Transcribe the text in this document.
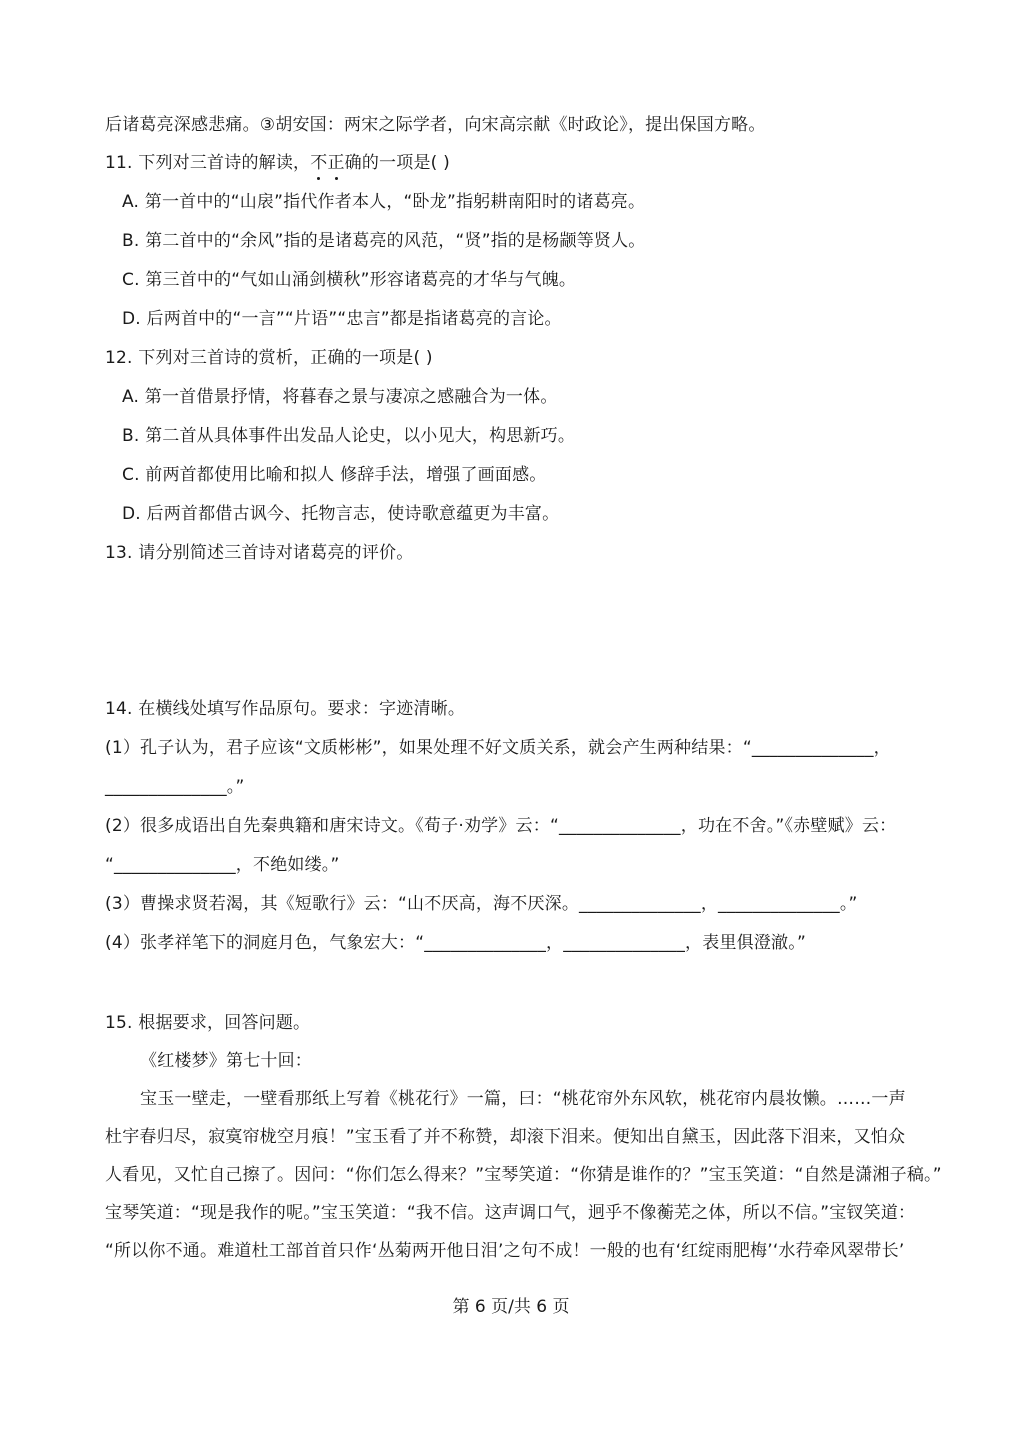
后诸葛亮深感悲痛。③胡安国：两宋之际学者，向宋高宗献《时政论》，提出保国方略。
11. 下列对三首诗的解读，不正确的一项是( )
A. 第一首中的“山扆”指代作者本人，“卧龙”指躬耕南阳时的诸葛亮。
B. 第二首中的“余风”指的是诸葛亮的风范，“贤”指的是杨颛等贤人。
C. 第三首中的“气如山涌剑横秋”形容诸葛亮的才华与气魄。
D. 后两首中的“一言”“片语”“忠言”都是指诸葛亮的言论。
12. 下列对三首诗的赏析，正确的一项是( )
A. 第一首借景抒情，将暮春之景与凄凉之感融合为一体。
B. 第二首从具体事件出发品人论史，以小见大，构思新巧。
C. 前两首都使用比喻和拟人 修辞手法，增强了画面感。
D. 后两首都借古讽今、托物言志，使诗歌意蕴更为丰富。
13. 请分别简述三首诗对诸葛亮的评价。
14. 在横线处填写作品原句。要求：字迹清晰。
(1）孔子认为，君子应该“文质彬彬”，如果处理不好文质关系，就会产生两种结果：“______________，
______________。”
(2）很多成语出自先秦典籍和唐宋诗文。《荀子·劝学》云：“______________，功在不舍。”《赤壁赋》云：
“______________，不绝如缕。”
(3）曹操求贤若渴，其《短歌行》云：“山不厌高，海不厌深。______________，______________。”
(4）张孝祥笔下的洞庭月色，气象宏大：“______________，______________，表里俱澄澈。”
15. 根据要求，回答问题。
《红楼梦》第七十回：
宝玉一壁走，一壁看那纸上写着《桃花行》一篇，曰：“桃花帘外东风软，桃花帘内晨妆懒。……一声
杜宇春归尽，寂寞帘栊空月痕！”宝玉看了并不称赞，却滚下泪来。便知出自黛玉，因此落下泪来，又怕众
人看见，又忙自己擦了。因问：“你们怎么得来？”宝琴笑道：“你猜是谁作的？”宝玉笑道：“自然是潇湘子稿。”
宝琴笑道：“现是我作的呢。”宝玉笑道：“我不信。这声调口气，迥乎不像蘅芜之体，所以不信。”宝钗笑道：
“所以你不通。难道杜工部首首只作‘丛菊两开他日泪’之句不成！一般的也有‘红绽雨肥梅’‘水荇牵风翠带长’
第 6 页/共 6 页
